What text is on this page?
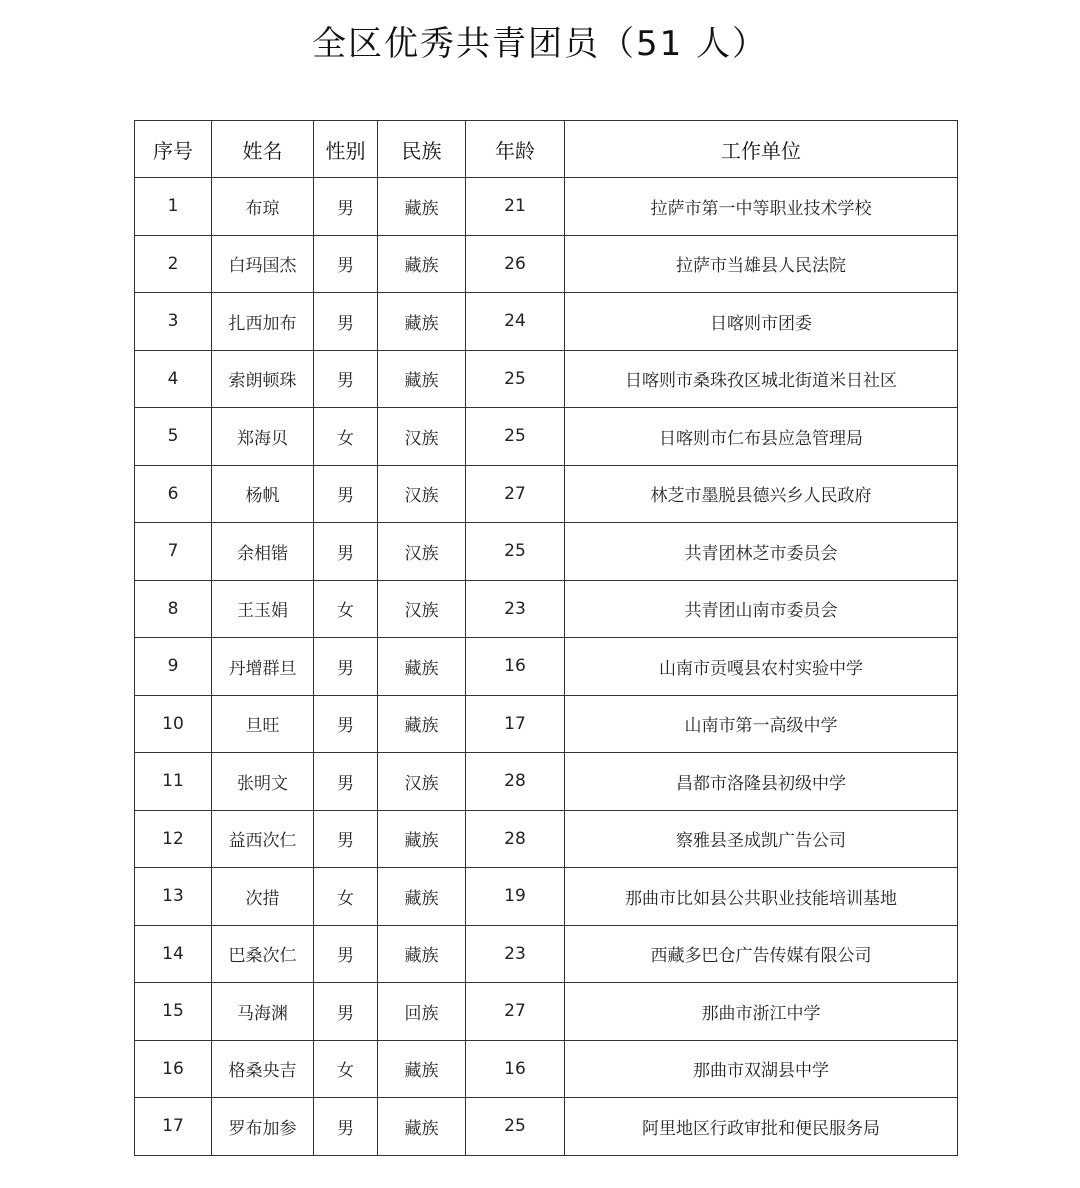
全区优秀共青团员（51 人）
序号	姓名	性别	民族	年龄	工作单位
1	布琼	男	藏族	21	拉萨市第一中等职业技术学校
2	白玛国杰	男	藏族	26	拉萨市当雄县人民法院
3	扎西加布	男	藏族	24	日喀则市团委
4	索朗顿珠	男	藏族	25	日喀则市桑珠孜区城北街道米日社区
5	郑海贝	女	汉族	25	日喀则市仁布县应急管理局
6	杨帆	男	汉族	27	林芝市墨脱县德兴乡人民政府
7	余相锴	男	汉族	25	共青团林芝市委员会
8	王玉娟	女	汉族	23	共青团山南市委员会
9	丹增群旦	男	藏族	16	山南市贡嘎县农村实验中学
10	旦旺	男	藏族	17	山南市第一高级中学
11	张明文	男	汉族	28	昌都市洛隆县初级中学
12	益西次仁	男	藏族	28	察雅县圣成凯广告公司
13	次措	女	藏族	19	那曲市比如县公共职业技能培训基地
14	巴桑次仁	男	藏族	23	西藏多巴仓广告传媒有限公司
15	马海渊	男	回族	27	那曲市浙江中学
16	格桑央吉	女	藏族	16	那曲市双湖县中学
17	罗布加参	男	藏族	25	阿里地区行政审批和便民服务局
